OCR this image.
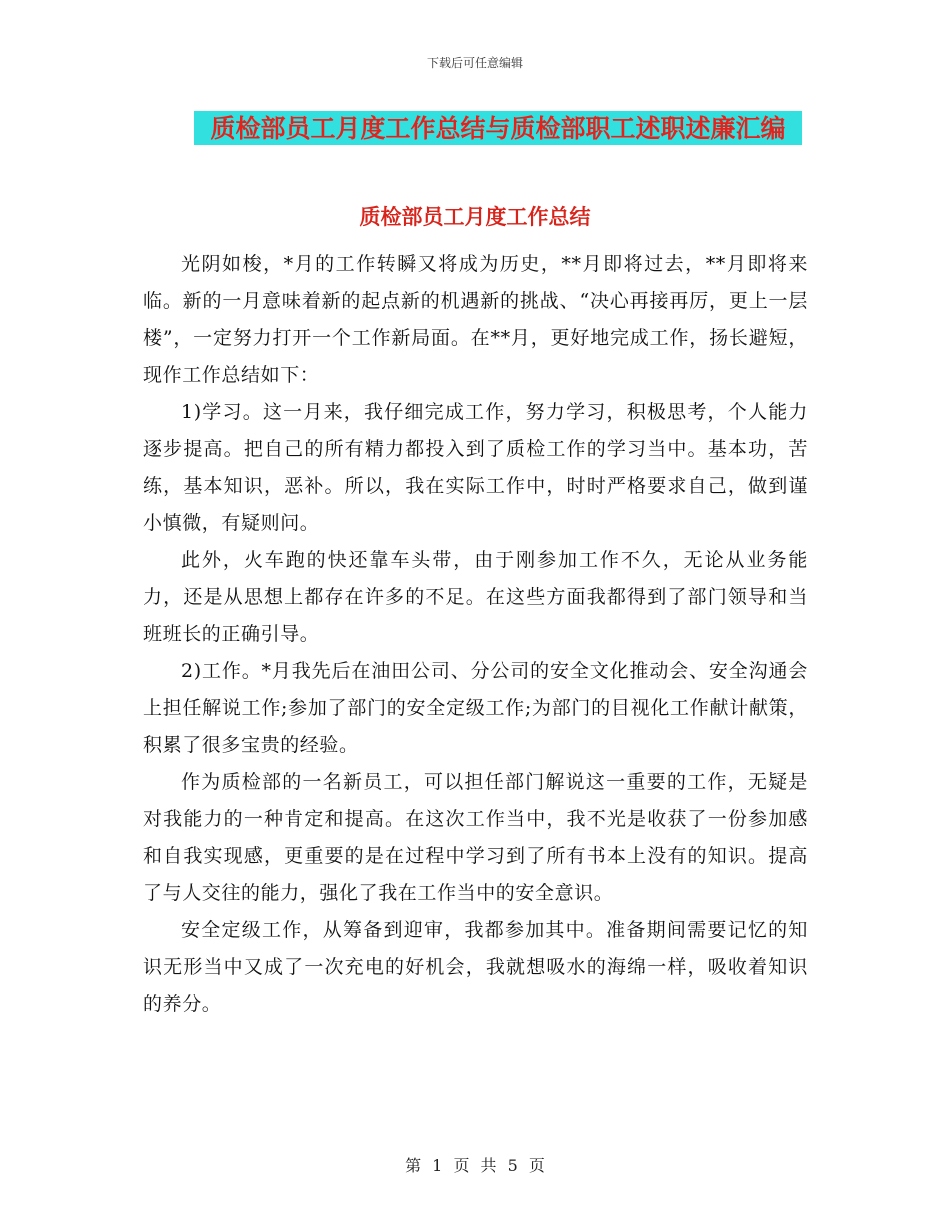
下载后可任意编辑
质检部员工月度工作总结与质检部职工述职述廉汇编
质检部员工月度工作总结

光阴如梭，*月的工作转瞬又将成为历史，**月即将过去，**月即将来临。新的一月意味着新的起点新的机遇新的挑战、“决心再接再厉，更上一层楼”，一定努力打开一个工作新局面。在**月，更好地完成工作，扬长避短，现作工作总结如下：

1)学习。这一月来，我仔细完成工作，努力学习，积极思考，个人能力逐步提高。把自己的所有精力都投入到了质检工作的学习当中。基本功，苦练，基本知识，恶补。所以，我在实际工作中，时时严格要求自己，做到谨小慎微，有疑则问。

此外，火车跑的快还靠车头带，由于刚参加工作不久，无论从业务能力，还是从思想上都存在许多的不足。在这些方面我都得到了部门领导和当班班长的正确引导。

2)工作。*月我先后在油田公司、分公司的安全文化推动会、安全沟通会上担任解说工作;参加了部门的安全定级工作;为部门的目视化工作献计献策，积累了很多宝贵的经验。

作为质检部的一名新员工，可以担任部门解说这一重要的工作，无疑是对我能力的一种肯定和提高。在这次工作当中，我不光是收获了一份参加感和自我实现感，更重要的是在过程中学习到了所有书本上没有的知识。提高了与人交往的能力，强化了我在工作当中的安全意识。

安全定级工作，从筹备到迎审，我都参加其中。准备期间需要记忆的知识无形当中又成了一次充电的好机会，我就想吸水的海绵一样，吸收着知识的养分。

第 1 页 共 5 页
